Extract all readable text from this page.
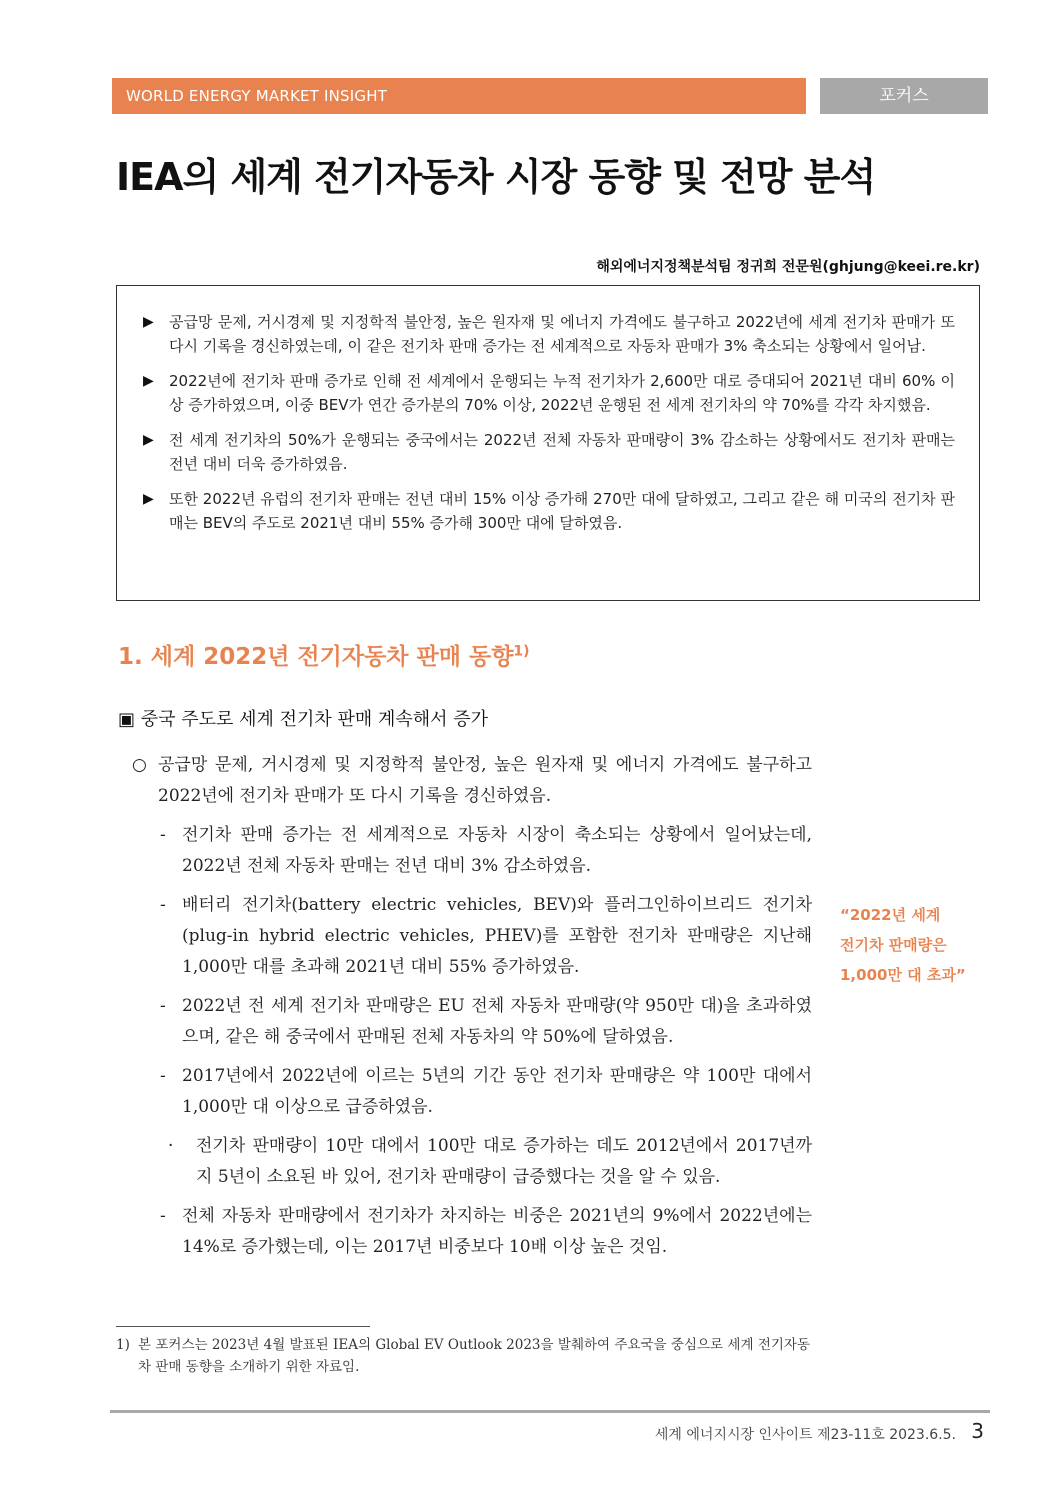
WORLD ENERGY MARKET INSIGHT	포커스
IEA의 세계 전기자동차 시장 동향 및 전망 분석
해외에너지정책분석팀 정귀희 전문원(ghjung@keei.re.kr)
▶	공급망 문제, 거시경제 및 지정학적 불안정, 높은 원자재 및 에너지 가격에도 불구하고 2022년에 세계 전기차 판매가 또다시 기록을 경신하였는데, 이 같은 전기차 판매 증가는 전 세계적으로 자동차 판매가 3% 축소되는 상황에서 일어남.
▶	2022년에 전기차 판매 증가로 인해 전 세계에서 운행되는 누적 전기차가 2,600만 대로 증대되어 2021년 대비 60% 이상 증가하였으며, 이중 BEV가 연간 증가분의 70% 이상, 2022년 운행된 전 세계 전기차의 약 70%를 각각 차지했음.
▶	전 세계 전기차의 50%가 운행되는 중국에서는 2022년 전체 자동차 판매량이 3% 감소하는 상황에서도 전기차 판매는 전년 대비 더욱 증가하였음.
▶	또한 2022년 유럽의 전기차 판매는 전년 대비 15% 이상 증가해 270만 대에 달하였고, 그리고 같은 해 미국의 전기차 판매는 BEV의 주도로 2021년 대비 55% 증가해 300만 대에 달하였음.
1. 세계 2022년 전기자동차 판매 동향$^{1)}$
▣ 중국 주도로 세계 전기차 판매 계속해서 증가
○ 공급망 문제, 거시경제 및 지정학적 불안정, 높은 원자재 및 에너지 가격에도 불구하고 2022년에 전기차 판매가 또 다시 기록을 경신하였음.
- 전기차 판매 증가는 전 세계적으로 자동차 시장이 축소되는 상황에서 일어났는데, 2022년 전체 자동차 판매는 전년 대비 3% 감소하였음.
- 배터리 전기차(battery electric vehicles, BEV)와 플러그인하이브리드 전기차(plug-in hybrid electric vehicles, PHEV)를 포함한 전기차 판매량은 지난해 1,000만 대를 초과해 2021년 대비 55% 증가하였음.
- 2022년 전 세계 전기차 판매량은 EU 전체 자동차 판매량(약 950만 대)을 초과하였으며, 같은 해 중국에서 판매된 전체 자동차의 약 50%에 달하였음.
- 2017년에서 2022년에 이르는 5년의 기간 동안 전기차 판매량은 약 100만 대에서 1,000만 대 이상으로 급증하였음.
·	전기차 판매량이 10만 대에서 100만 대로 증가하는 데도 2012년에서 2017년까지 5년이 소요된 바 있어, 전기차 판매량이 급증했다는 것을 알 수 있음.
- 전체 자동차 판매량에서 전기차가 차지하는 비중은 2021년의 9%에서 2022년에는 14%로 증가했는데, 이는 2017년 비중보다 10배 이상 높은 것임.
“2022년 세계
전기차 판매량은
1,000만 대 초과”
1) 본 포커스는 2023년 4월 발표된 IEA의 Global EV Outlook 2023을 발췌하여 주요국을 중심으로 세계 전기자동차 판매 동향을 소개하기 위한 자료임.
세계 에너지시장 인사이트 제23-11호 2023.6.5. 3
